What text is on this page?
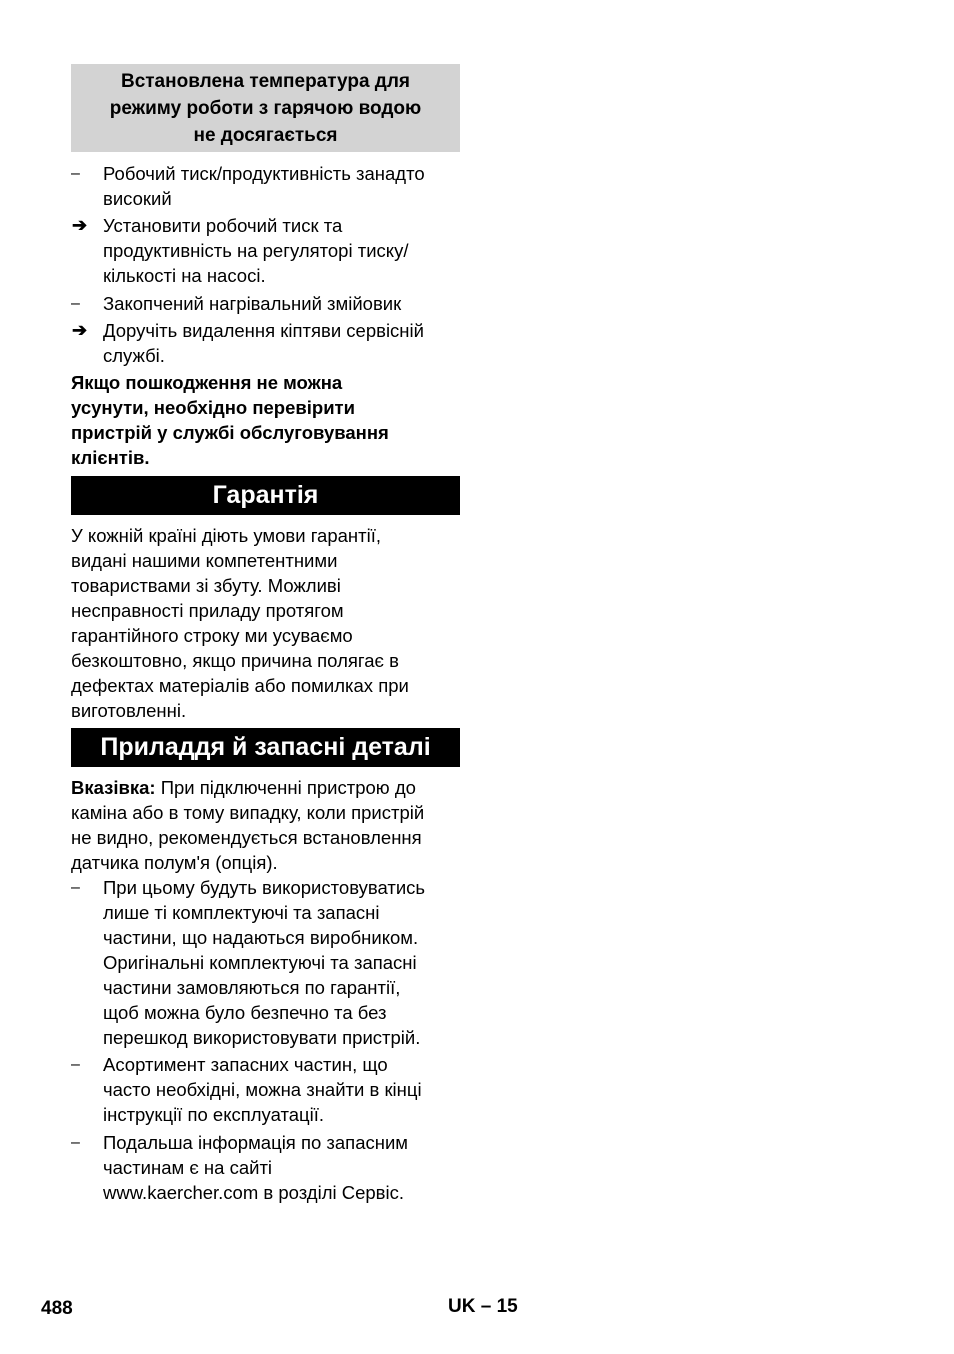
Встановлена температура для
режиму роботи з гарячою водою
не досягається
– Робочий тиск/продуктивність занадто
високий
➔ Установити робочий тиск та
продуктивність на регуляторі тиску/
кількості на насосі.
– Закопчений нагрівальний змійовик
➔ Доручіть видалення кіптяви сервісній
службі.
Якщо пошкодження не можна
усунути, необхідно перевірити
пристрій у службі обслуговування
клієнтів.
Гарантія
У кожній країні діють умови гарантії,
видані нашими компетентними
товариствами зі збуту. Можливі
несправності приладу протягом
гарантійного строку ми усуваємо
безкоштовно, якщо причина полягає в
дефектах матеріалів або помилках при
виготовленні.
Приладдя й запасні деталі
Вказівка: При підключенні пристрою до
каміна або в тому випадку, коли пристрій
не видно, рекомендується встановлення
датчика полум'я (опція).
– При цьому будуть використовуватись
лише ті комплектуючі та запасні
частини, що надаються виробником.
Оригінальні комплектуючі та запасні
частини замовляються по гарантії,
щоб можна було безпечно та без
перешкод використовувати пристрій.
– Асортимент запасних частин, що
часто необхідні, можна знайти в кінці
інструкції по експлуатації.
– Подальша інформація по запасним
частинам є на сайті
www.kaercher.com в розділі Сервіс.
488	UK – 15
